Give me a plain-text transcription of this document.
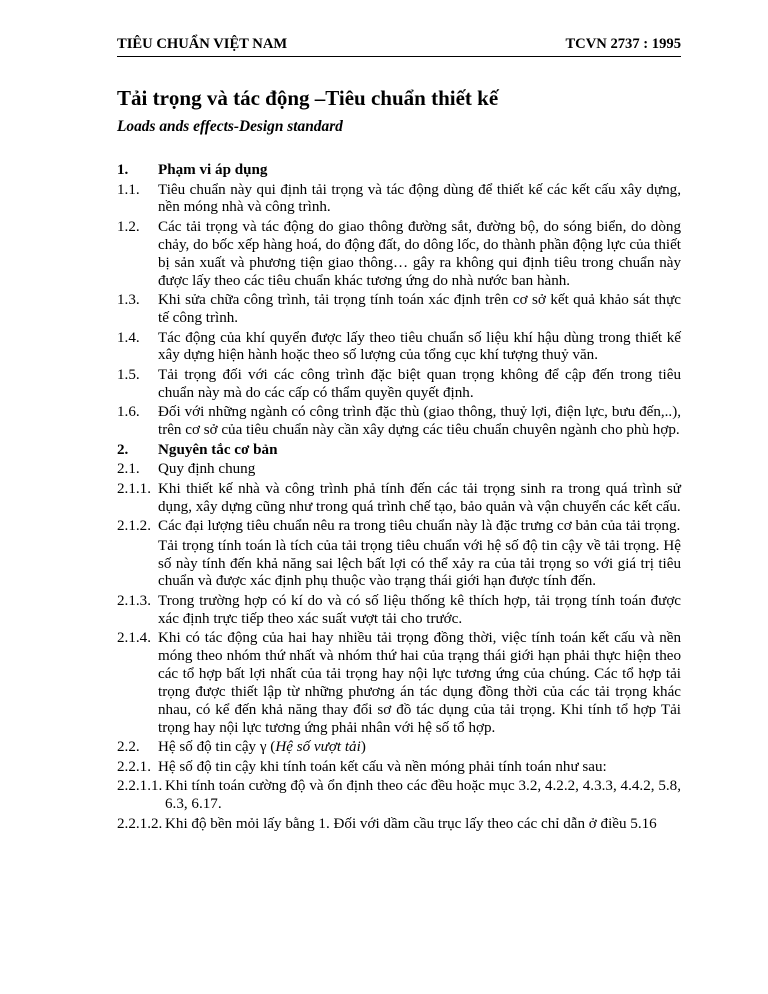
TIÊU CHUẨN VIỆT NAM	TCVN 2737 : 1995
Tải trọng và tác động –Tiêu chuẩn thiết kế
Loads ands effects-Design standard
1.	Phạm vi áp dụng
1.1.	Tiêu chuẩn này qui định tải trọng và tác động dùng để thiết kế các kết cấu xây dựng, nền móng nhà và công trình.
1.2.	Các tải trọng và tác động do giao thông đường sắt, đường bộ, do sóng biển, do dòng chảy, do bốc xếp hàng hoá, do động đất, do dông lốc, do thành phần động lực của thiết bị sản xuất và phương tiện giao thông… gây ra không qui định tiêu trong chuẩn này được lấy theo các tiêu chuẩn khác tương ứng do nhà nước ban hành.
1.3.	Khi sửa chữa công trình, tải trọng tính toán xác định trên cơ sở kết quả khảo sát thực tế công trình.
1.4.	Tác động của khí quyển được lấy theo tiêu chuẩn số liệu khí hậu dùng trong thiết kế xây dựng hiện hành hoặc theo số lượng của tổng cục khí tượng thuỷ văn.
1.5.	Tải trọng đối với các công trình đặc biệt quan trọng không để cập đến trong tiêu chuẩn này mà do các cấp có thẩm quyền quyết định.
1.6.	Đối với những ngành có công trình đặc thù (giao thông, thuỷ lợi, điện lực, bưu đến,..), trên cơ sở của tiêu chuẩn này cần xây dựng các tiêu chuẩn chuyên ngành cho phù hợp.
2.	Nguyên tắc cơ bản
2.1.	Quy định chung
2.1.1. Khi thiết kế nhà và công trình phả tính đến các tải trọng sinh ra trong quá trình sử dụng, xây dựng cũng như trong quá trình chế tạo, bảo quản và vận chuyển các kết cấu.
2.1.2. Các đại lượng tiêu chuẩn nêu ra trong tiêu chuẩn này là đặc trưng cơ bản của tải trọng.
Tải trọng tính toán là tích của tải trọng tiêu chuẩn với hệ số độ tin cậy về tải trọng. Hệ số này tính đến khả năng sai lệch bất lợi có thể xảy ra của tải trọng so với giá trị tiêu chuẩn và được xác định phụ thuộc vào trạng thái giới hạn được tính đến.
2.1.3. Trong trường hợp có kí do và có số liệu thống kê thích hợp, tải trọng tính toán được xác định trực tiếp theo xác suất vượt tải cho trước.
2.1.4. Khi có tác động của hai hay nhiều tải trọng đồng thời, việc tính toán kết cấu và nền móng theo nhóm thứ nhất và nhóm thứ hai của trạng thái giới hạn phải thực hiện theo các tổ hợp bất lợi nhất của tải trọng hay nội lực tương ứng của chúng. Các tổ hợp tải trọng được thiết lập từ những phương án tác dụng đồng thời của các tải trọng khác nhau, có kể đến khả năng thay đổi sơ đồ tác dụng của tải trọng. Khi tính tổ hợp Tải trọng hay nội lực tương ứng phải nhân với hệ số tổ hợp.
2.2.	Hệ số độ tin cậy γ (Hệ số vượt tải)
2.2.1. Hệ số độ tin cậy khi tính toán kết cấu và nền móng phải tính toán như sau:
2.2.1.1. Khi tính toán cường độ và ổn định theo các đều hoặc mục 3.2, 4.2.2, 4.3.3, 4.4.2, 5.8, 6.3, 6.17.
2.2.1.2. Khi độ bền mỏi lấy bằng 1. Đối với dầm cầu trục lấy theo các chỉ dẫn ở điều 5.16
